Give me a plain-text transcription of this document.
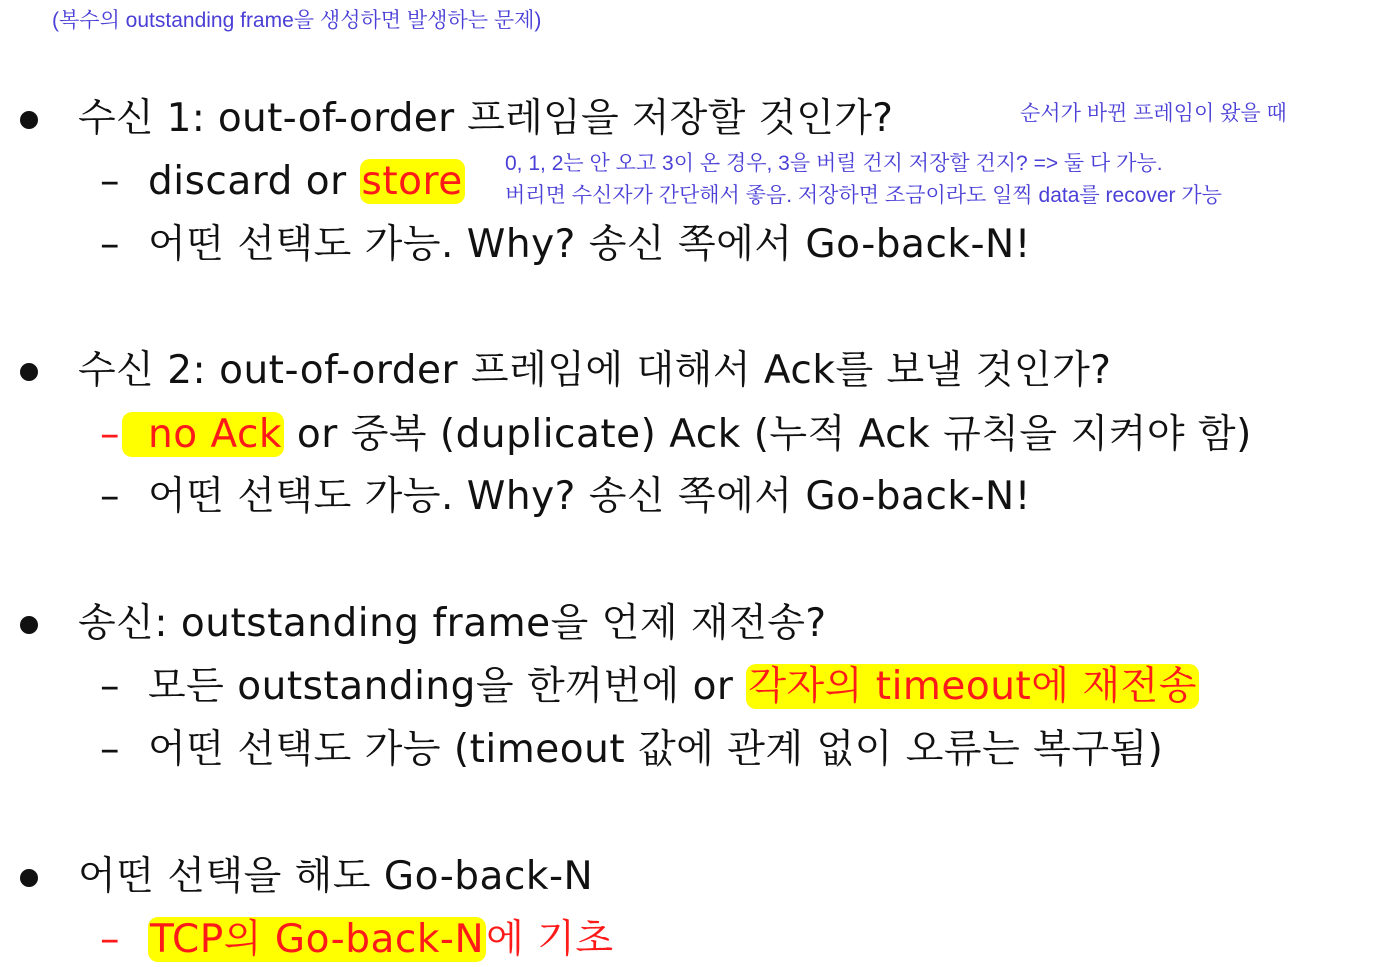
(복수의 outstanding frame을 생성하면 발생하는 문제)
수신 1: out-of-order 프레임을 저장할 것인가?	순서가 바뀐 프레임이 왔을 때
– discard or store 0, 1, 2는 안 오고 3이 온 경우, 3을 버릴 건지 저장할 건지? => 둘 다 가능.
버리면 수신자가 간단해서 좋음. 저장하면 조금이라도 일찍 data를 recover 가능
– 어떤 선택도 가능. Why? 송신 쪽에서 Go-back-N!
수신 2: out-of-order 프레임에 대해서 Ack를 보낼 것인가?
– no Ack or 중복 (duplicate) Ack (누적 Ack 규칙을 지켜야 함)
– 어떤 선택도 가능. Why? 송신 쪽에서 Go-back-N!
송신: outstanding frame을 언제 재전송?
– 모든 outstanding을 한꺼번에 or 각자의 timeout에 재전송
– 어떤 선택도 가능 (timeout 값에 관계 없이 오류는 복구됨)
어떤 선택을 해도 Go-back-N
– TCP의 Go-back-N에 기초
